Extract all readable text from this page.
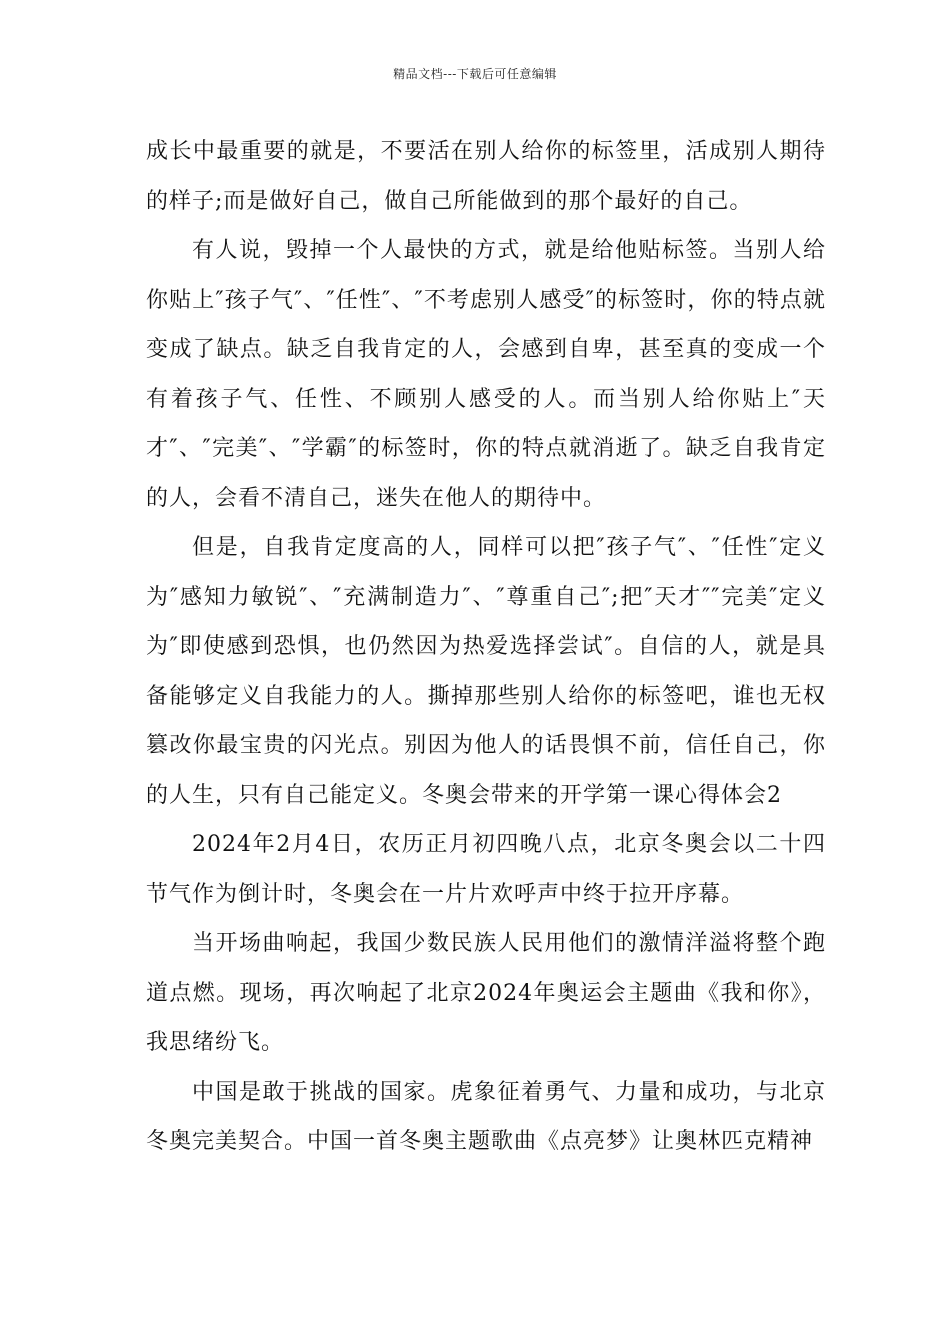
精品文档---下载后可任意编辑

成长中最重要的就是，不要活在别人给你的标签里，活成别人期待的样子;而是做好自己，做自己所能做到的那个最好的自己。

有人说，毁掉一个人最快的方式，就是给他贴标签。当别人给你贴上″孩子气″、″任性″、″不考虑别人感受″的标签时，你的特点就变成了缺点。缺乏自我肯定的人，会感到自卑，甚至真的变成一个有着孩子气、任性、不顾别人感受的人。而当别人给你贴上″天才″、″完美″、″学霸″的标签时，你的特点就消逝了。缺乏自我肯定的人，会看不清自己，迷失在他人的期待中。

但是，自我肯定度高的人，同样可以把″孩子气″、″任性″定义为″感知力敏锐″、″充满制造力″、″尊重自己″;把″天才″″完美″定义为″即使感到恐惧，也仍然因为热爱选择尝试″。自信的人，就是具备能够定义自我能力的人。撕掉那些别人给你的标签吧，谁也无权篡改你最宝贵的闪光点。别因为他人的话畏惧不前，信任自己，你的人生，只有自己能定义。冬奥会带来的开学第一课心得体会2

2024年2月4日，农历正月初四晚八点，北京冬奥会以二十四节气作为倒计时，冬奥会在一片片欢呼声中终于拉开序幕。

当开场曲响起，我国少数民族人民用他们的激情洋溢将整个跑道点燃。现场，再次响起了北京2024年奥运会主题曲《我和你》，我思绪纷飞。

中国是敢于挑战的国家。虎象征着勇气、力量和成功，与北京冬奥完美契合。中国一首冬奥主题歌曲《点亮梦》让奥林匹克精神
